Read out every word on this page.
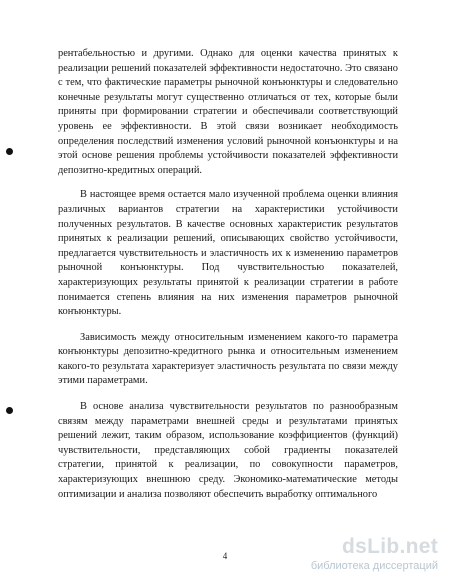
рентабельностью и другими. Однако для оценки качества принятых к реализации решений показателей эффективности недостаточно. Это связано с тем, что фактические параметры рыночной конъюнктуры и следовательно конечные результаты могут существенно отличаться от тех, которые были приняты при формировании стратегии и обеспечивали соответствующий уровень ее эффективности. В этой связи возникает необходимость определения последствий изменения условий рыночной конъюнктуры и на этой основе решения проблемы устойчивости показателей эффективности депозитно-кредитных операций.

В настоящее время остается мало изученной проблема оценки влияния различных вариантов стратегии на характеристики устойчивости полученных результатов. В качестве основных характеристик результатов принятых к реализации решений, описывающих свойство устойчивости, предлагается чувствительность и эластичность их к изменению параметров рыночной конъюнктуры. Под чувствительностью показателей, характеризующих результаты принятой к реализации стратегии в работе понимается степень влияния на них изменения параметров рыночной конъюнктуры.

Зависимость между относительным изменением какого-то параметра конъюнктуры депозитно-кредитного рынка и относительным изменением какого-то результата характеризует эластичность результата по связи между этими параметрами.

В основе анализа чувствительности результатов по разнообразным связям между параметрами внешней среды и результатами принятых решений лежит, таким образом, использование коэффициентов (функций) чувствительности, представляющих собой градиенты показателей стратегии, принятой к реализации, по совокупности параметров, характеризующих внешнюю среду. Экономико-математические методы оптимизации и анализа позволяют обеспечить выработку оптимального

4	dsLib.net
библиотека диссертаций
